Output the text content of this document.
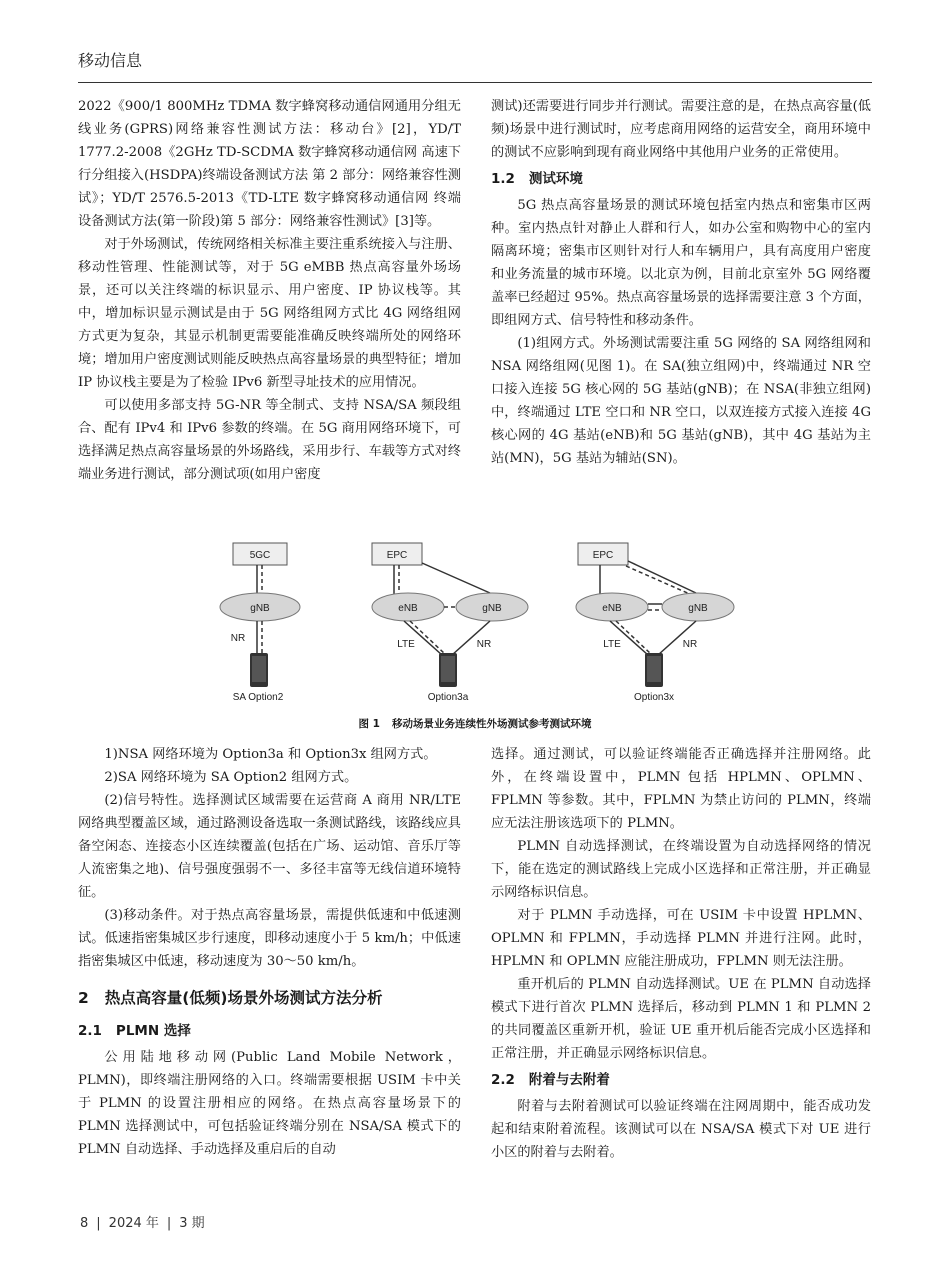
移动信息

2022《900/1 800MHz TDMA 数字蜂窝移动通信网通用分组无线业务(GPRS)网络兼容性测试方法：移动台》[2]，YD/T 1777.2-2008《2GHz TD-SCDMA 数字蜂窝移动通信网 高速下行分组接入(HSDPA)终端设备测试方法 第 2 部分：网络兼容性测试》；YD/T 2576.5-2013《TD-LTE 数字蜂窝移动通信网 终端设备测试方法(第一阶段)第 5 部分：网络兼容性测试》[3]等。

对于外场测试，传统网络相关标准主要注重系统接入与注册、移动性管理、性能测试等，对于 5G eMBB 热点高容量外场场景，还可以关注终端的标识显示、用户密度、IP 协议栈等。其中，增加标识显示测试是由于 5G 网络组网方式比 4G 网络组网方式更为复杂，其显示机制更需要能准确反映终端所处的网络环境；增加用户密度测试则能反映热点高容量场景的典型特征；增加 IP 协议栈主要是为了检验 IPv6 新型寻址技术的应用情况。

可以使用多部支持 5G-NR 等全制式、支持 NSA/SA 频段组合、配有 IPv4 和 IPv6 参数的终端。在 5G 商用网络环境下，可选择满足热点高容量场景的外场路线，采用步行、车载等方式对终端业务进行测试，部分测试项(如用户密度

测试)还需要进行同步并行测试。需要注意的是，在热点高容量(低频)场景中进行测试时，应考虑商用网络的运营安全，商用环境中的测试不应影响到现有商业网络中其他用户业务的正常使用。

1.2 测试环境

5G 热点高容量场景的测试环境包括室内热点和密集市区两种。室内热点针对静止人群和行人，如办公室和购物中心的室内隔离环境；密集市区则针对行人和车辆用户，具有高度用户密度和业务流量的城市环境。以北京为例，目前北京室外 5G 网络覆盖率已经超过 95%。热点高容量场景的选择需要注意 3 个方面，即组网方式、信号特性和移动条件。

(1)组网方式。外场测试需要注重 5G 网络的 SA 网络组网和 NSA 网络组网(见图 1)。在 SA(独立组网)中，终端通过 NR 空口接入连接 5G 核心网的 5G 基站(gNB)；在 NSA(非独立组网)中，终端通过 LTE 空口和 NR 空口，以双连接方式接入连接 4G 核心网的 4G 基站(eNB)和 5G 基站(gNB)，其中 4G 基站为主站(MN)，5G 基站为辅站(SN)。

5GC
gNB
NR
SA Option2
EPC
eNB	gNB
LTE	NR
Option3a
EPC
eNB	gNB
LTE	NR
Option3x
图 1 移动场景业务连续性外场测试参考测试环境

1)NSA 网络环境为 Option3a 和 Option3x 组网方式。

2)SA 网络环境为 SA Option2 组网方式。

(2)信号特性。选择测试区域需要在运营商 A 商用 NR/LTE 网络典型覆盖区域，通过路测设备选取一条测试路线，该路线应具备空闲态、连接态小区连续覆盖(包括在广场、运动馆、音乐厅等人流密集之地)、信号强度强弱不一、多径丰富等无线信道环境特征。

(3)移动条件。对于热点高容量场景，需提供低速和中低速测试。低速指密集城区步行速度，即移动速度小于 5 km/h；中低速指密集城区中低速，移动速度为 30～50 km/h。

2 热点高容量(低频)场景外场测试方法分析
2.1 PLMN 选择

公用陆地移动网(Public Land Mobile Network，PLMN)，即终端注册网络的入口。终端需要根据 USIM 卡中关于 PLMN 的设置注册相应的网络。在热点高容量场景下的 PLMN 选择测试中，可包括验证终端分别在 NSA/SA 模式下的 PLMN 自动选择、手动选择及重启后的自动

选择。通过测试，可以验证终端能否正确选择并注册网络。此外，在终端设置中，PLMN 包括 HPLMN、OPLMN、FPLMN 等参数。其中，FPLMN 为禁止访问的 PLMN，终端应无法注册该选项下的 PLMN。

PLMN 自动选择测试，在终端设置为自动选择网络的情况下，能在选定的测试路线上完成小区选择和正常注册，并正确显示网络标识信息。

对于 PLMN 手动选择，可在 USIM 卡中设置 HPLMN、OPLMN 和 FPLMN，手动选择 PLMN 并进行注网。此时，HPLMN 和 OPLMN 应能注册成功，FPLMN 则无法注册。

重开机后的 PLMN 自动选择测试。UE 在 PLMN 自动选择模式下进行首次 PLMN 选择后，移动到 PLMN 1 和 PLMN 2 的共同覆盖区重新开机，验证 UE 重开机后能否完成小区选择和正常注册，并正确显示网络标识信息。

2.2 附着与去附着

附着与去附着测试可以验证终端在注网周期中，能否成功发起和结束附着流程。该测试可以在 NSA/SA 模式下对 UE 进行小区的附着与去附着。

8 | 2024 年 | 3 期
